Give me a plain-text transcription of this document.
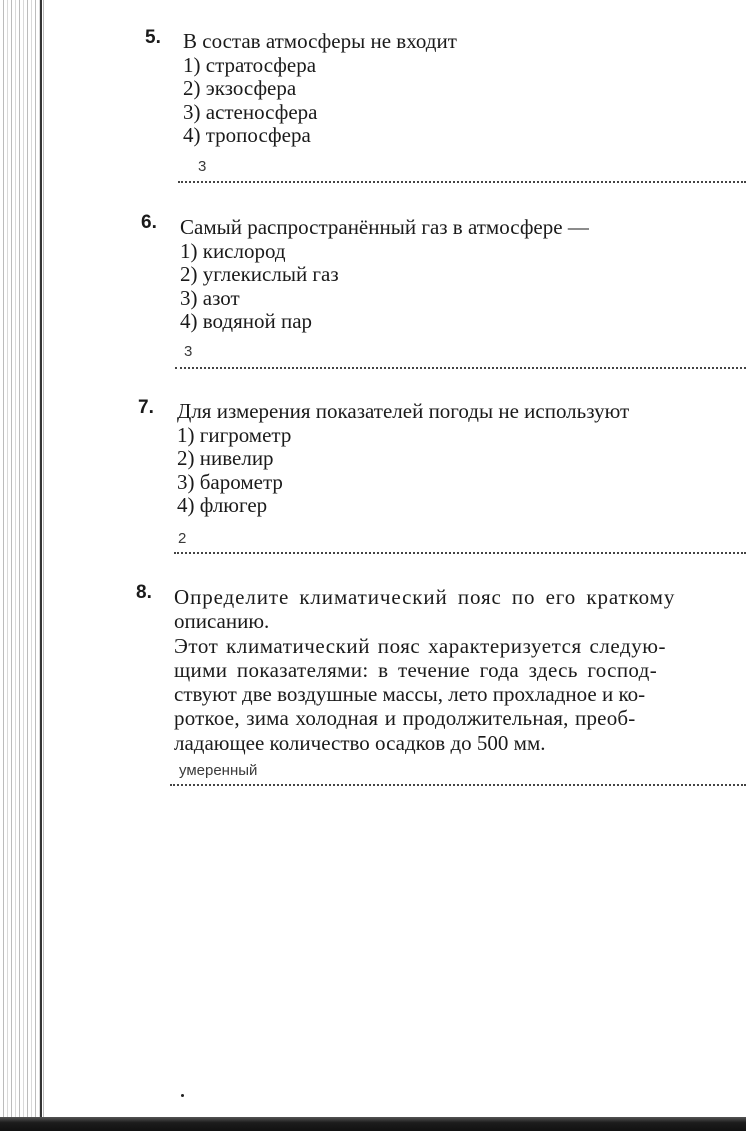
5. В состав атмосферы не входит
1) стратосфера
2) экзосфера
3) астеносфера
4) тропосфера
3
6. Самый распространённый газ в атмосфере —
1) кислород
2) углекислый газ
3) азот
4) водяной пар
3
7. Для измерения показателей погоды не используют
1) гигрометр
2) нивелир
3) барометр
4) флюгер
2
8. Определите климатический пояс по его краткому
описанию.
Этот климатический пояс характеризуется следую-
щими показателями: в течение года здесь господ-
ствуют две воздушные массы, лето прохладное и ко-
роткое, зима холодная и продолжительная, преоб-
ладающее количество осадков до 500 мм.
умеренный
